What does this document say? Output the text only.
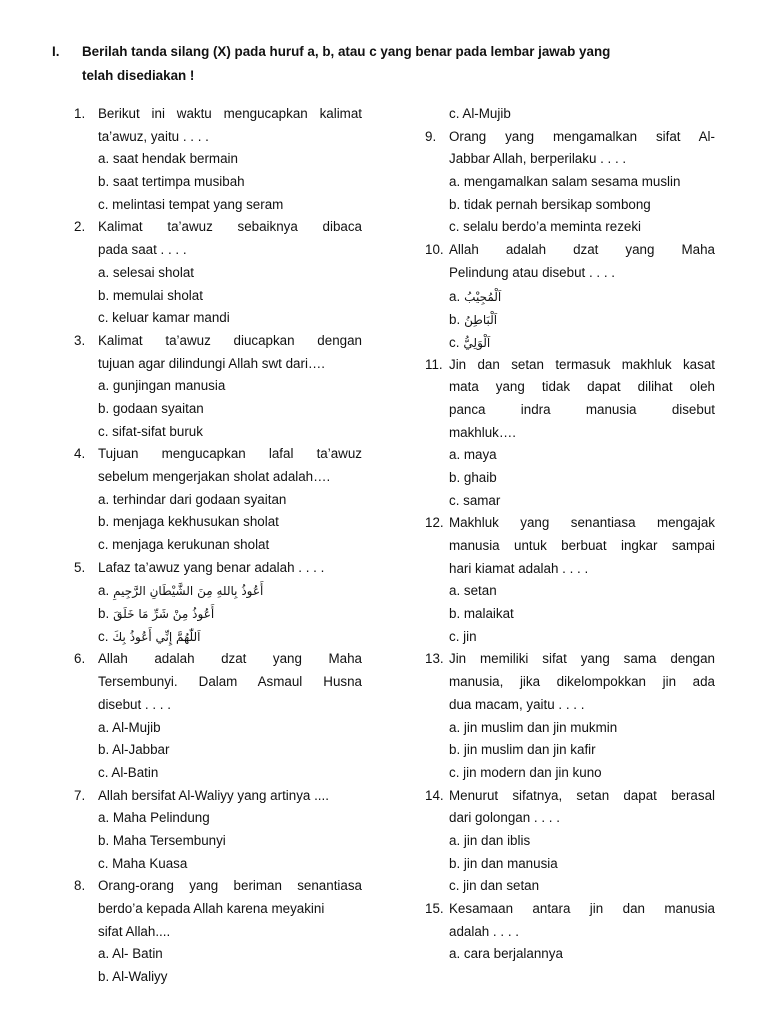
I. Berilah tanda silang (X) pada huruf a, b, atau c yang benar pada lembar jawab yang
telah disediakan !
1. Berikut ini waktu mengucapkan kalimat
ta’awuz, yaitu . . . .
a. saat hendak bermain
b. saat tertimpa musibah
c. melintasi tempat yang seram
2. Kalimat ta’awuz sebaiknya dibaca
pada saat . . . .
a. selesai sholat
b. memulai sholat
c. keluar kamar mandi
3. Kalimat ta’awuz diucapkan dengan
tujuan agar dilindungi Allah swt dari….
a. gunjingan manusia
b. godaan syaitan
c. sifat-sifat buruk
4. Tujuan mengucapkan lafal ta’awuz
sebelum mengerjakan sholat adalah….
a. terhindar dari godaan syaitan
b. menjaga kekhusukan sholat
c. menjaga kerukunan sholat
5. Lafaz ta’awuz yang benar adalah . . . .
a. أَعُوذُ بِاللهِ مِنَ الشَّيْطَانِ الرَّجِيمِ
b. أَعُوذُ مِنْ شَرِّ مَا خَلَقَ
c. اَللّٰهُمَّ إِنِّي أَعُوذُ بِكَ
6. Allah adalah dzat yang Maha
Tersembunyi. Dalam Asmaul Husna
disebut . . . .
a. Al-Mujib
b. Al-Jabbar
c. Al-Batin
7. Allah bersifat Al-Waliyy yang artinya ....
a. Maha Pelindung
b. Maha Tersembunyi
c. Maha Kuasa
8. Orang-orang yang beriman senantiasa
berdo’a kepada Allah karena meyakini
sifat Allah....
a. Al- Batin
b. Al-Waliyy
c. Al-Mujib
9. Orang yang mengamalkan sifat Al-
Jabbar Allah, berperilaku . . . .
a. mengamalkan salam sesama muslin
b. tidak pernah bersikap sombong
c. selalu berdo’a meminta rezeki
10. Allah adalah dzat yang Maha
Pelindung atau disebut . . . .
a. اَلْمُجِيْبُ
b. اَلْبَاطِنُ
c. اَلْوَلِيُّ
11. Jin dan setan termasuk makhluk kasat
mata yang tidak dapat dilihat oleh
panca indra manusia disebut
makhluk….
a. maya
b. ghaib
c. samar
12. Makhluk yang senantiasa mengajak
manusia untuk berbuat ingkar sampai
hari kiamat adalah . . . .
a. setan
b. malaikat
c. jin
13. Jin memiliki sifat yang sama dengan
manusia, jika dikelompokkan jin ada
dua macam, yaitu . . . .
a. jin muslim dan jin mukmin
b. jin muslim dan jin kafir
c. jin modern dan jin kuno
14. Menurut sifatnya, setan dapat berasal
dari golongan . . . .
a. jin dan iblis
b. jin dan manusia
c. jin dan setan
15. Kesamaan antara jin dan manusia
adalah . . . .
a. cara berjalannya
